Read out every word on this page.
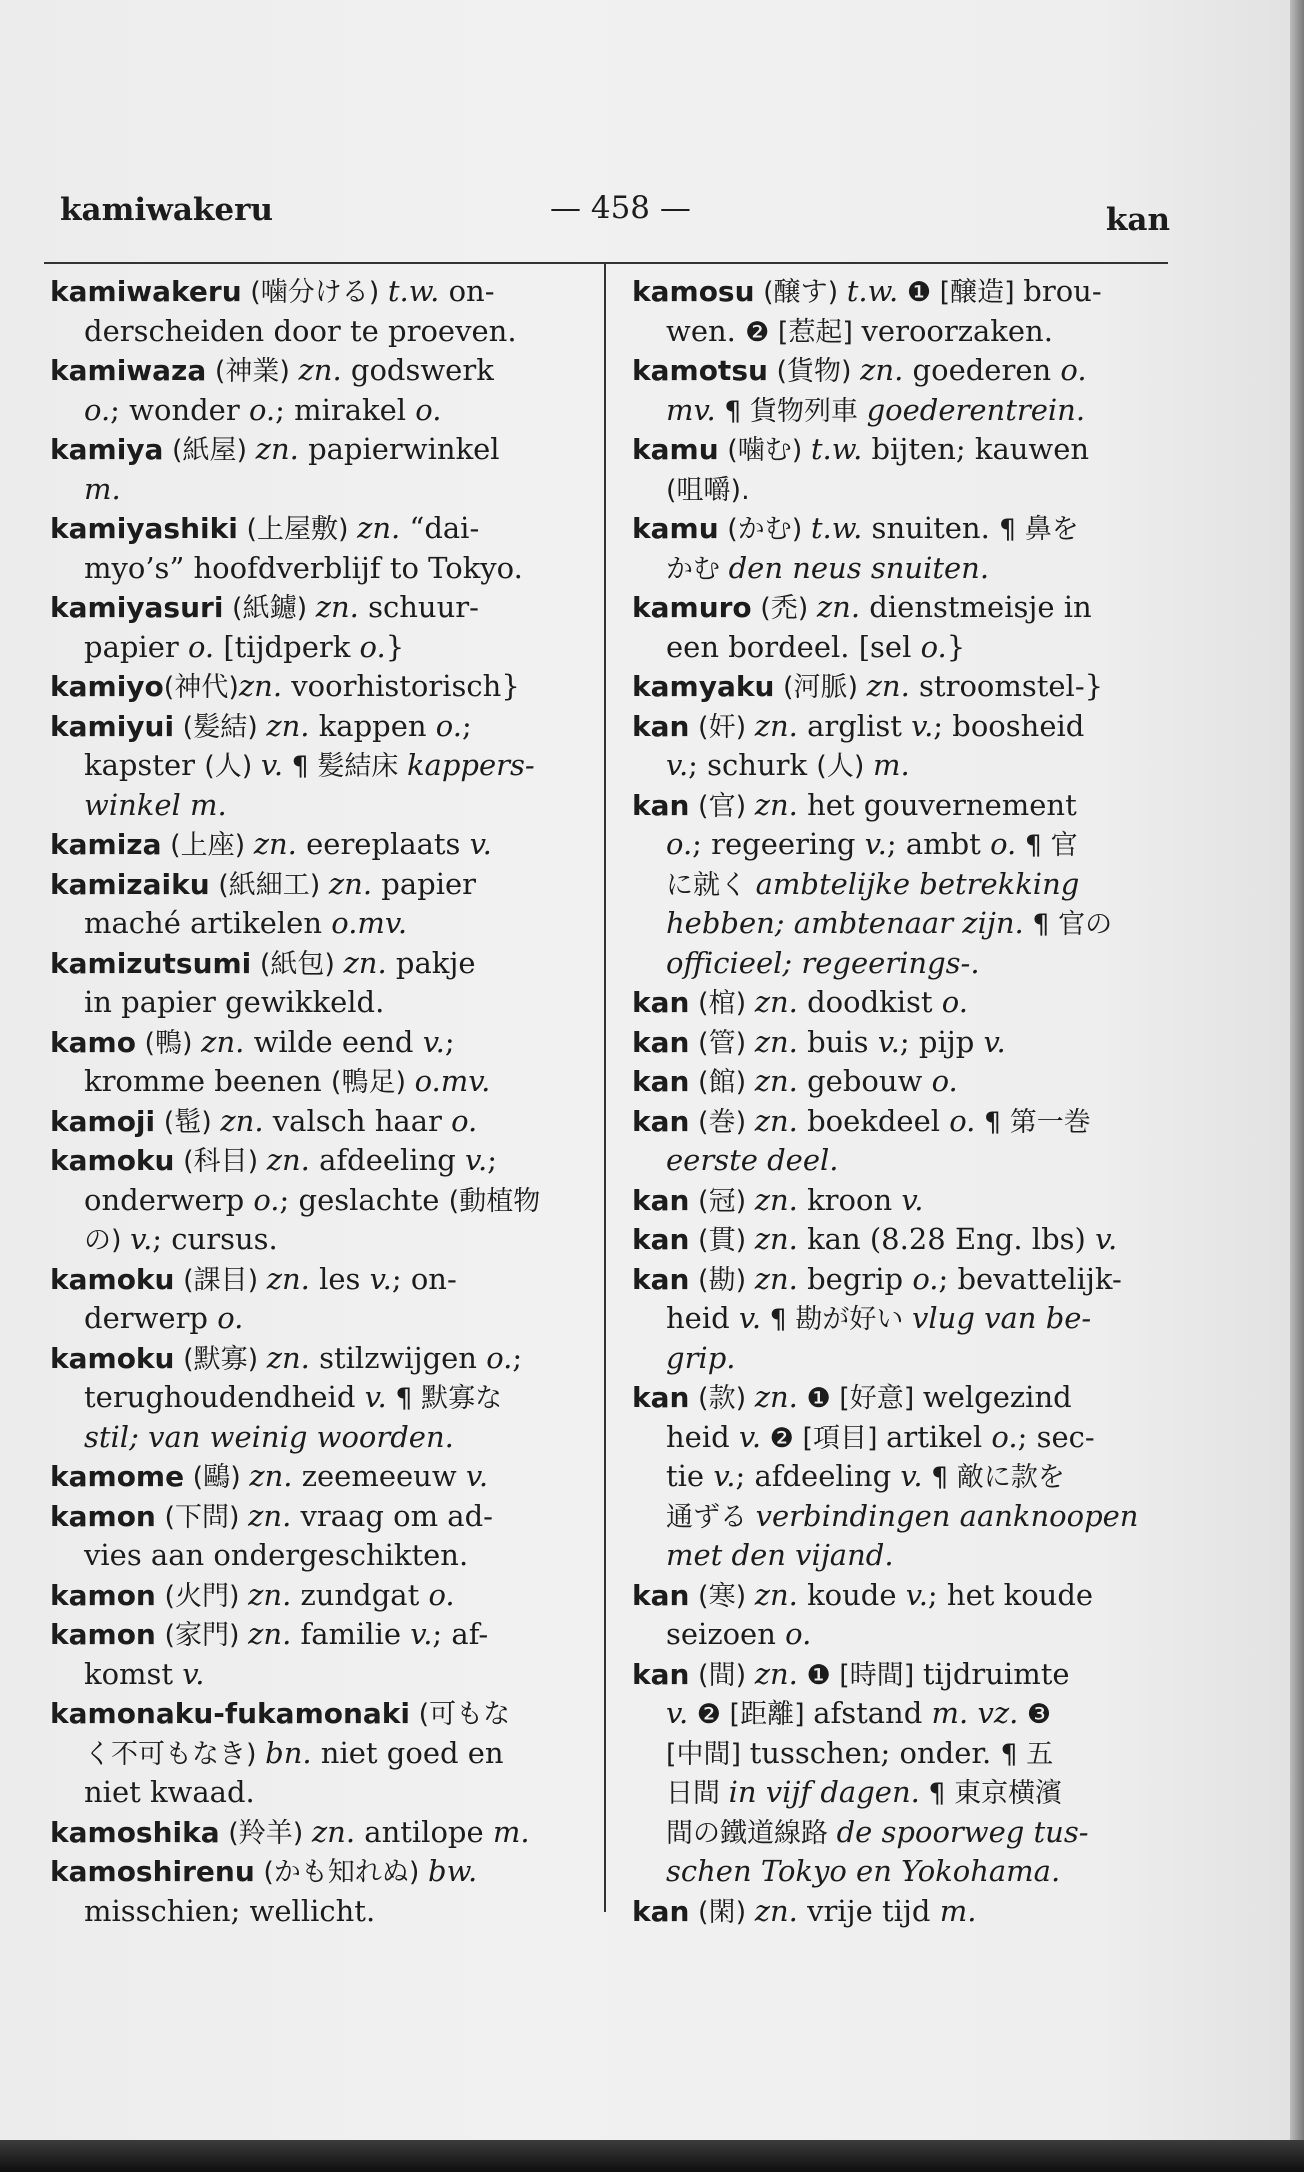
kamiwakeru	— 458 —	kan
kamiwakeru (噛分ける) t.w. on-
derscheiden door te proeven.
kamiwaza (神業) zn. godswerk
o.; wonder o.; mirakel o.
kamiya (紙屋) zn. papierwinkel
m.
kamiyashiki (上屋敷) zn. “dai-
myo’s” hoofdverblijf to Tokyo.
kamiyasuri (紙鑢) zn. schuur-
papier o. [tijdperk o.}
kamiyo(神代)zn. voorhistorisch}
kamiyui (髪結) zn. kappen o.;
kapster (人) v. ¶ 髪結床 kappers-
winkel m.
kamiza (上座) zn. eereplaats v.
kamizaiku (紙細工) zn. papier
maché artikelen o.mv.
kamizutsumi (紙包) zn. pakje
in papier gewikkeld.
kamo (鴨) zn. wilde eend v.;
kromme beenen (鴨足) o.mv.
kamoji (髢) zn. valsch haar o.
kamoku (科目) zn. afdeeling v.;
onderwerp o.; geslachte (動植物
の) v.; cursus.
kamoku (課目) zn. les v.; on-
derwerp o.
kamoku (默寡) zn. stilzwijgen o.;
terughoudendheid v. ¶ 默寡な
stil; van weinig woorden.
kamome (鷗) zn. zeemeeuw v.
kamon (下問) zn. vraag om ad-
vies aan ondergeschikten.
kamon (火門) zn. zundgat o.
kamon (家門) zn. familie v.; af-
komst v.
kamonaku-fukamonaki (可もな
く不可もなき) bn. niet goed en
niet kwaad.
kamoshika (羚羊) zn. antilope m.
kamoshirenu (かも知れぬ) bw.
misschien; wellicht.
kamosu (醸す) t.w. ❶ [醸造] brou-
wen. ❷ [惹起] veroorzaken.
kamotsu (貨物) zn. goederen o.
mv. ¶ 貨物列車 goederentrein.
kamu (噛む) t.w. bijten; kauwen
(咀嚼).
kamu (かむ) t.w. snuiten. ¶ 鼻を
かむ den neus snuiten.
kamuro (禿) zn. dienstmeisje in
een bordeel. [sel o.}
kamyaku (河脈) zn. stroomstel-}
kan (奸) zn. arglist v.; boosheid
v.; schurk (人) m.
kan (官) zn. het gouvernement
o.; regeering v.; ambt o. ¶ 官
に就く ambtelijke betrekking
hebben; ambtenaar zijn. ¶ 官の
officieel; regeerings-.
kan (棺) zn. doodkist o.
kan (管) zn. buis v.; pijp v.
kan (館) zn. gebouw o.
kan (巻) zn. boekdeel o. ¶ 第一巻
eerste deel.
kan (冠) zn. kroon v.
kan (貫) zn. kan (8.28 Eng. lbs) v.
kan (勘) zn. begrip o.; bevattelijk-
heid v. ¶ 勘が好い vlug van be-
grip.
kan (款) zn. ❶ [好意] welgezind
heid v. ❷ [項目] artikel o.; sec-
tie v.; afdeeling v. ¶ 敵に款を
通ずる verbindingen aanknoopen
met den vijand.
kan (寒) zn. koude v.; het koude
seizoen o.
kan (間) zn. ❶ [時間] tijdruimte
v. ❷ [距離] afstand m. vz. ❸
[中間] tusschen; onder. ¶ 五
日間 in vijf dagen. ¶ 東京横濱
間の鐵道線路 de spoorweg tus-
schen Tokyo en Yokohama.
kan (閑) zn. vrije tijd m.
